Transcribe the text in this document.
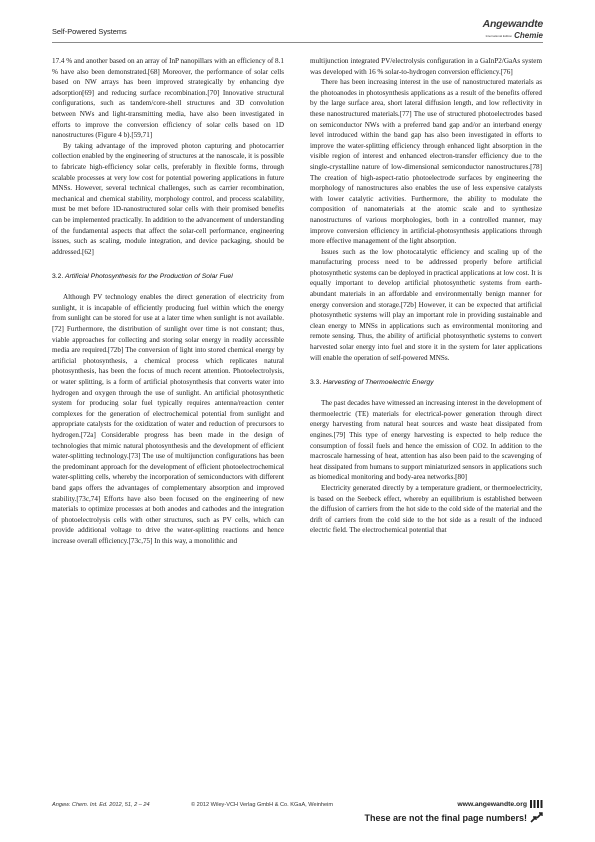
Self-Powered Systems
Angewandte
International Edition Chemie

17.4 % and another based on an array of InP nanopillars with an efficiency of 8.1 % have also been demonstrated.[68] Moreover, the performance of solar cells based on NW arrays has been improved strategically by enhancing dye adsorption[69] and reducing surface recombination.[70] Innovative structural configurations, such as tandem/core-shell structures and 3D convolution between NWs and light-transmitting media, have also been investigated in efforts to improve the conversion efficiency of solar cells based on 1D nanostructures (Figure 4 b).[59,71]

By taking advantage of the improved photon capturing and photocarrier collection enabled by the engineering of structures at the nanoscale, it is possible to fabricate high-efficiency solar cells, preferably in flexible forms, through scalable processes at very low cost for potential powering applications in future MNSs. However, several technical challenges, such as carrier recombination, mechanical and chemical stability, morphology control, and process scalability, must be met before 1D-nanostructured solar cells with their promised benefits can be implemented practically. In addition to the advancement of understanding of the fundamental aspects that affect the solar-cell performance, engineering issues, such as scaling, module integration, and device packaging, should be addressed.[62]

3.2. Artificial Photosynthesis for the Production of Solar Fuel

Although PV technology enables the direct generation of electricity from sunlight, it is incapable of efficiently producing fuel within which the energy from sunlight can be stored for use at a later time when sunlight is not available.[72] Furthermore, the distribution of sunlight over time is not constant; thus, viable approaches for collecting and storing solar energy in readily accessible media are required.[72b] The conversion of light into stored chemical energy by artificial photosynthesis, a chemical process which replicates natural photosynthesis, has been the focus of much recent attention. Photoelectrolysis, or water splitting, is a form of artificial photosynthesis that converts water into hydrogen and oxygen through the use of sunlight. An artificial photosynthetic system for producing solar fuel typically requires antenna/reaction center complexes for the generation of electrochemical potential from sunlight and appropriate catalysts for the oxidization of water and reduction of precursors to hydrogen.[72a] Considerable progress has been made in the design of technologies that mimic natural photosynthesis and the development of efficient water-splitting technology.[73] The use of multijunction configurations has been the predominant approach for the development of efficient photoelectrochemical water-splitting cells, whereby the incorporation of semiconductors with different band gaps offers the advantages of complementary absorption and improved stability.[73c,74] Efforts have also been focused on the engineering of new materials to optimize processes at both anodes and cathodes and the integration of photoelectrolysis cells with other structures, such as PV cells, which can provide additional voltage to drive the water-splitting reactions and hence increase overall efficiency.[73c,75] In this way, a monolithic and

multijunction integrated PV/electrolysis configuration in a GaInP2/GaAs system was developed with 16 % solar-to-hydrogen conversion efficiency.[76]

There has been increasing interest in the use of nanostructured materials as the photoanodes in photosynthesis applications as a result of the benefits offered by the large surface area, short lateral diffusion length, and low reflectivity in these nanostructured materials.[77] The use of structured photoelectrodes based on semiconductor NWs with a preferred band gap and/or an interband energy level introduced within the band gap has also been investigated in efforts to improve the water-splitting efficiency through enhanced light absorption in the visible region of interest and enhanced electron-transfer efficiency due to the single-crystalline nature of low-dimensional semiconductor nanostructures.[78] The creation of high-aspect-ratio photoelectrode surfaces by engineering the morphology of nanostructures also enables the use of less expensive catalysts with lower catalytic activities. Furthermore, the ability to modulate the composition of nanomaterials at the atomic scale and to synthesize nanostructures of various morphologies, both in a controlled manner, may improve conversion efficiency in artificial-photosynthesis applications through more effective management of the light absorption.

Issues such as the low photocatalytic efficiency and scaling up of the manufacturing process need to be addressed properly before artificial photosynthetic systems can be deployed in practical applications at low cost. It is equally important to develop artificial photosynthetic systems from earth-abundant materials in an affordable and environmentally benign manner for energy conversion and storage.[72b] However, it can be expected that artificial photosynthetic systems will play an important role in providing sustainable and clean energy to MNSs in applications such as environmental monitoring and remote sensing. Thus, the ability of artificial photosynthetic systems to convert harvested solar energy into fuel and store it in the system for later applications will enable the operation of self-powered MNSs.

3.3. Harvesting of Thermoelectric Energy

The past decades have witnessed an increasing interest in the development of thermoelectric (TE) materials for electrical-power generation through direct energy harvesting from natural heat sources and waste heat dissipated from engines.[79] This type of energy harvesting is expected to help reduce the consumption of fossil fuels and hence the emission of CO2. In addition to the macroscale harnessing of heat, attention has also been paid to the scavenging of heat dissipated from humans to support miniaturized sensors in applications such as biomedical monitoring and body-area networks.[80]

Electricity generated directly by a temperature gradient, or thermoelectricity, is based on the Seebeck effect, whereby an equilibrium is established between the diffusion of carriers from the hot side to the cold side of the material and the drift of carriers from the cold side to the hot side as a result of the induced electric field. The electrochemical potential that

Angew. Chem. Int. Ed. 2012, 51, 2 – 24	© 2012 Wiley-VCH Verlag GmbH & Co. KGaA, Weinheim	www.angewandte.org
These are not the final page numbers!
